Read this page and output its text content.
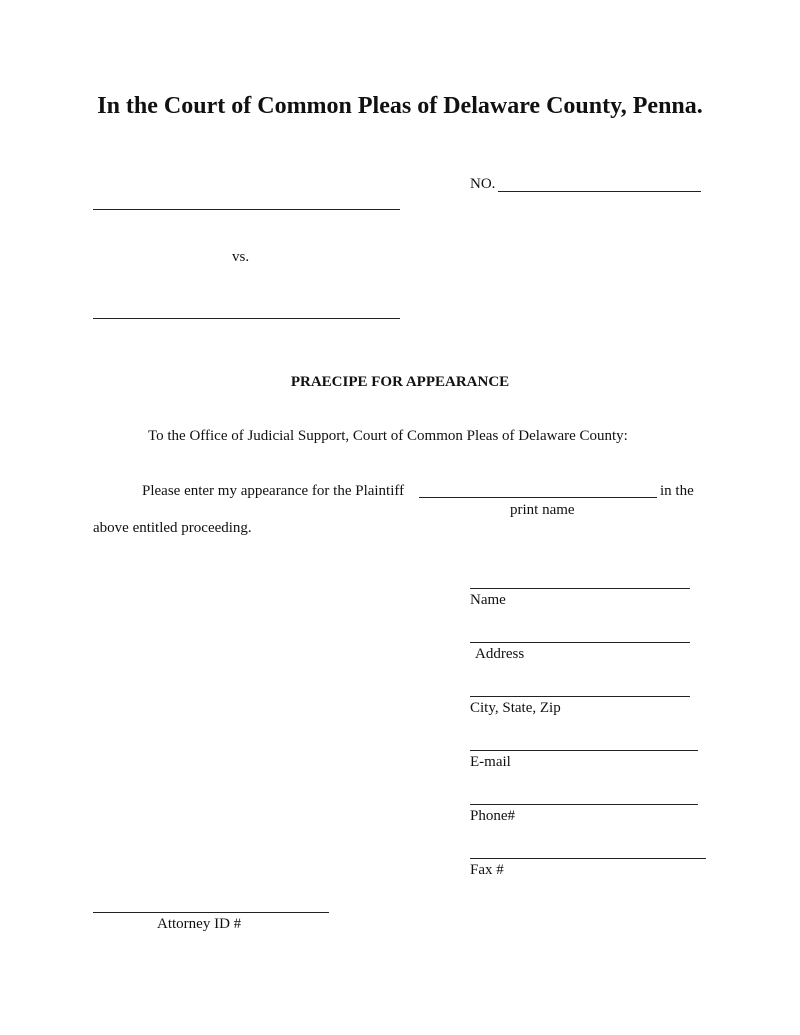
In the Court of Common Pleas of Delaware County, Penna.
NO.
vs.
PRAECIPE FOR APPEARANCE
To the Office of Judicial Support, Court of Common Pleas of Delaware County:
Please enter my appearance for the Plaintiff	in the
print name
above entitled proceeding.
Name
Address
City, State, Zip
E-mail
Phone#
Fax #
Attorney ID #
